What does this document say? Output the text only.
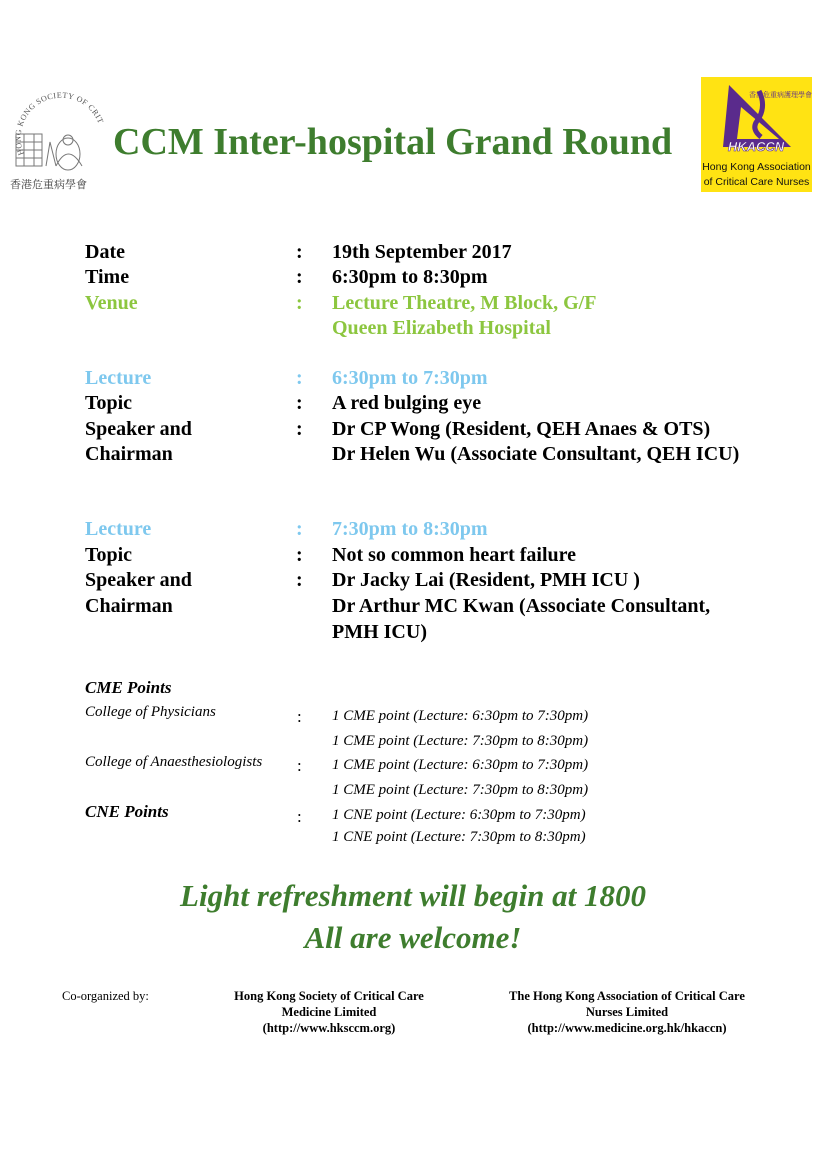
HONG KONG SOCIETY OF CRIT
香港危重病學會
CCM Inter-hospital Grand Round
香港危重病護理學會
HKACCN
Hong Kong Association
of Critical Care Nurses
Date	: 19th September 2017
Time	: 6:30pm to 8:30pm
Venue	: Lecture Theatre, M Block, G/F
Queen Elizabeth Hospital
Lecture	: 6:30pm to 7:30pm
Topic	: A red bulging eye
Speaker and	: Dr CP Wong (Resident, QEH Anaes & OTS)
Chairman	Dr Helen Wu (Associate Consultant, QEH ICU)
Lecture	: 7:30pm to 8:30pm
Topic	: Not so common heart failure
Speaker and	: Dr Jacky Lai (Resident, PMH ICU )
Chairman	Dr Arthur MC Kwan (Associate Consultant,
PMH ICU)
CME Points
College of Physicians	: 1 CME point (Lecture: 6:30pm to 7:30pm)
1 CME point (Lecture: 7:30pm to 8:30pm)
College of Anaesthesiologists : 1 CME point (Lecture: 6:30pm to 7:30pm)
1 CME point (Lecture: 7:30pm to 8:30pm)
CNE Points	: 1 CNE point (Lecture: 6:30pm to 7:30pm)
1 CNE point (Lecture: 7:30pm to 8:30pm)
Light refreshment will begin at 1800
All are welcome!
Co-organized by:	Hong Kong Society of Critical Care
Medicine Limited
(http://www.hksccm.org)
The Hong Kong Association of Critical Care
Nurses Limited
(http://www.medicine.org.hk/hkaccn)
